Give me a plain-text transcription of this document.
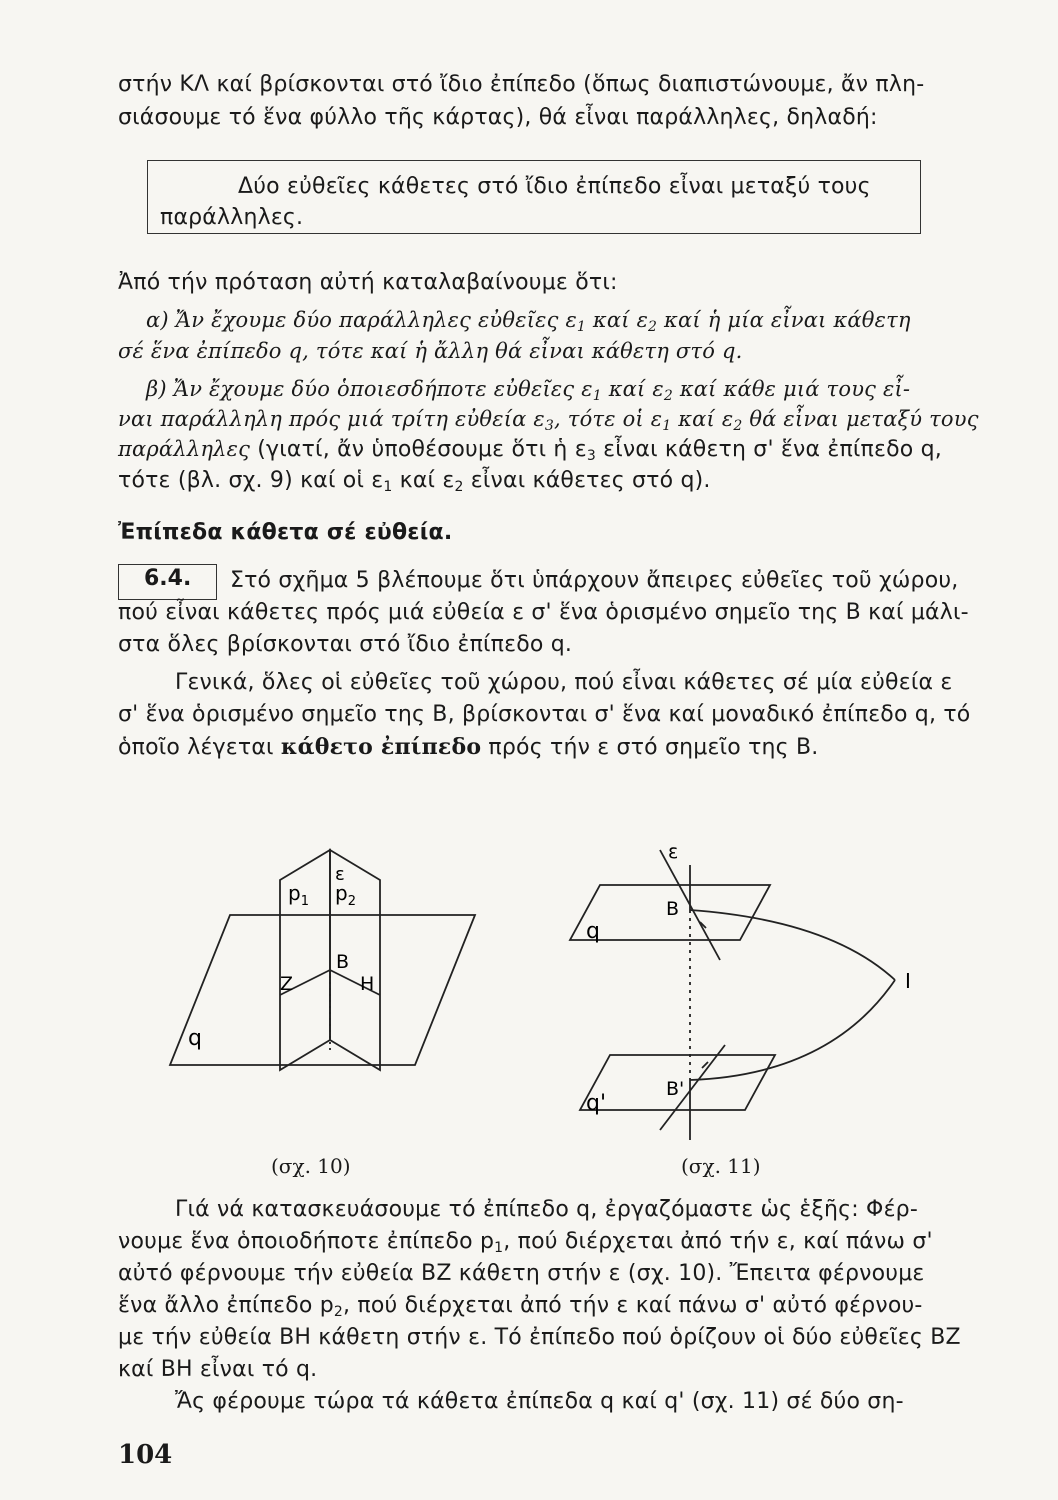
στήν ΚΛ καί βρίσκονται στό ἴδιο ἐπίπεδο (ὅπως διαπιστώνουμε, ἄν πλη-
σιάσουμε τό ἕνα φύλλο τῆς κάρτας), θά εἶναι παράλληλες, δηλαδή:
Δύο εὐθεῖες κάθετες στό ἴδιο ἐπίπεδο εἶναι μεταξύ τους
παράλληλες.
Ἀπό τήν πρόταση αὐτή καταλαβαίνουμε ὅτι:
α) Ἄν ἔχουμε δύο παράλληλες εὐθεῖες $\varepsilon_1$ καί $\varepsilon_2$ καί ἡ μία εἶναι κάθετη
σέ ἕνα ἐπίπεδο q, τότε καί ἡ ἄλλη θά εἶναι κάθετη στό q.
β) Ἄν ἔχουμε δύο ὁποιεσδήποτε εὐθεῖες $\varepsilon_1$ καί $\varepsilon_2$ καί κάθε μιά τους εἶ-
ναι παράλληλη πρός μιά τρίτη εὐθεία $\varepsilon_3$, τότε οἱ $\varepsilon_1$ καί $\varepsilon_2$ θά εἶναι μεταξύ τους
παράλληλες (γιατί, ἄν ὑποθέσουμε ὅτι ἡ $\varepsilon_3$ εἶναι κάθετη σ' ἕνα ἐπίπεδο q,
τότε (βλ. σχ. 9) καί οἱ $\varepsilon_1$ καί $\varepsilon_2$ εἶναι κάθετες στό q).
Ἐπίπεδα κάθετα σέ εὐθεία.
6.4. Στό σχῆμα 5 βλέπουμε ὅτι ὑπάρχουν ἄπειρες εὐθεῖες τοῦ χώρου,
πού εἶναι κάθετες πρός μιά εὐθεία ε σ' ἕνα ὁρισμένο σημεῖο της Β καί μάλι-
στα ὅλες βρίσκονται στό ἴδιο ἐπίπεδο q.
Γενικά, ὅλες οἱ εὐθεῖες τοῦ χώρου, πού εἶναι κάθετες σέ μία εὐθεία ε
σ' ἕνα ὁρισμένο σημεῖο της Β, βρίσκονται σ' ἕνα καί μοναδικό ἐπίπεδο q, τό
ὁποῖο λέγεται κάθετο ἐπίπεδο πρός τήν ε στό σημεῖο της Β.
$p_1$ $p_2$
ε
B
Z	H
q
(σχ. 10)
ε
B
q
B'
q'
I
(σχ. 11)
Γιά νά κατασκευάσουμε τό ἐπίπεδο q, ἐργαζόμαστε ὡς ἑξῆς: Φέρ-
νουμε ἕνα ὁποιοδήποτε ἐπίπεδο $p_1$, πού διέρχεται ἀπό τήν ε, καί πάνω σ'
αὐτό φέρνουμε τήν εὐθεία ΒΖ κάθετη στήν ε (σχ. 10). Ἔπειτα φέρνουμε
ἕνα ἄλλο ἐπίπεδο $p_2$, πού διέρχεται ἀπό τήν ε καί πάνω σ' αὐτό φέρνου-
με τήν εὐθεία ΒΗ κάθετη στήν ε. Τό ἐπίπεδο πού ὁρίζουν οἱ δύο εὐθεῖες ΒΖ
καί ΒΗ εἶναι τό q.
Ἄς φέρουμε τώρα τά κάθετα ἐπίπεδα q καί q' (σχ. 11) σέ δύο ση-
104
